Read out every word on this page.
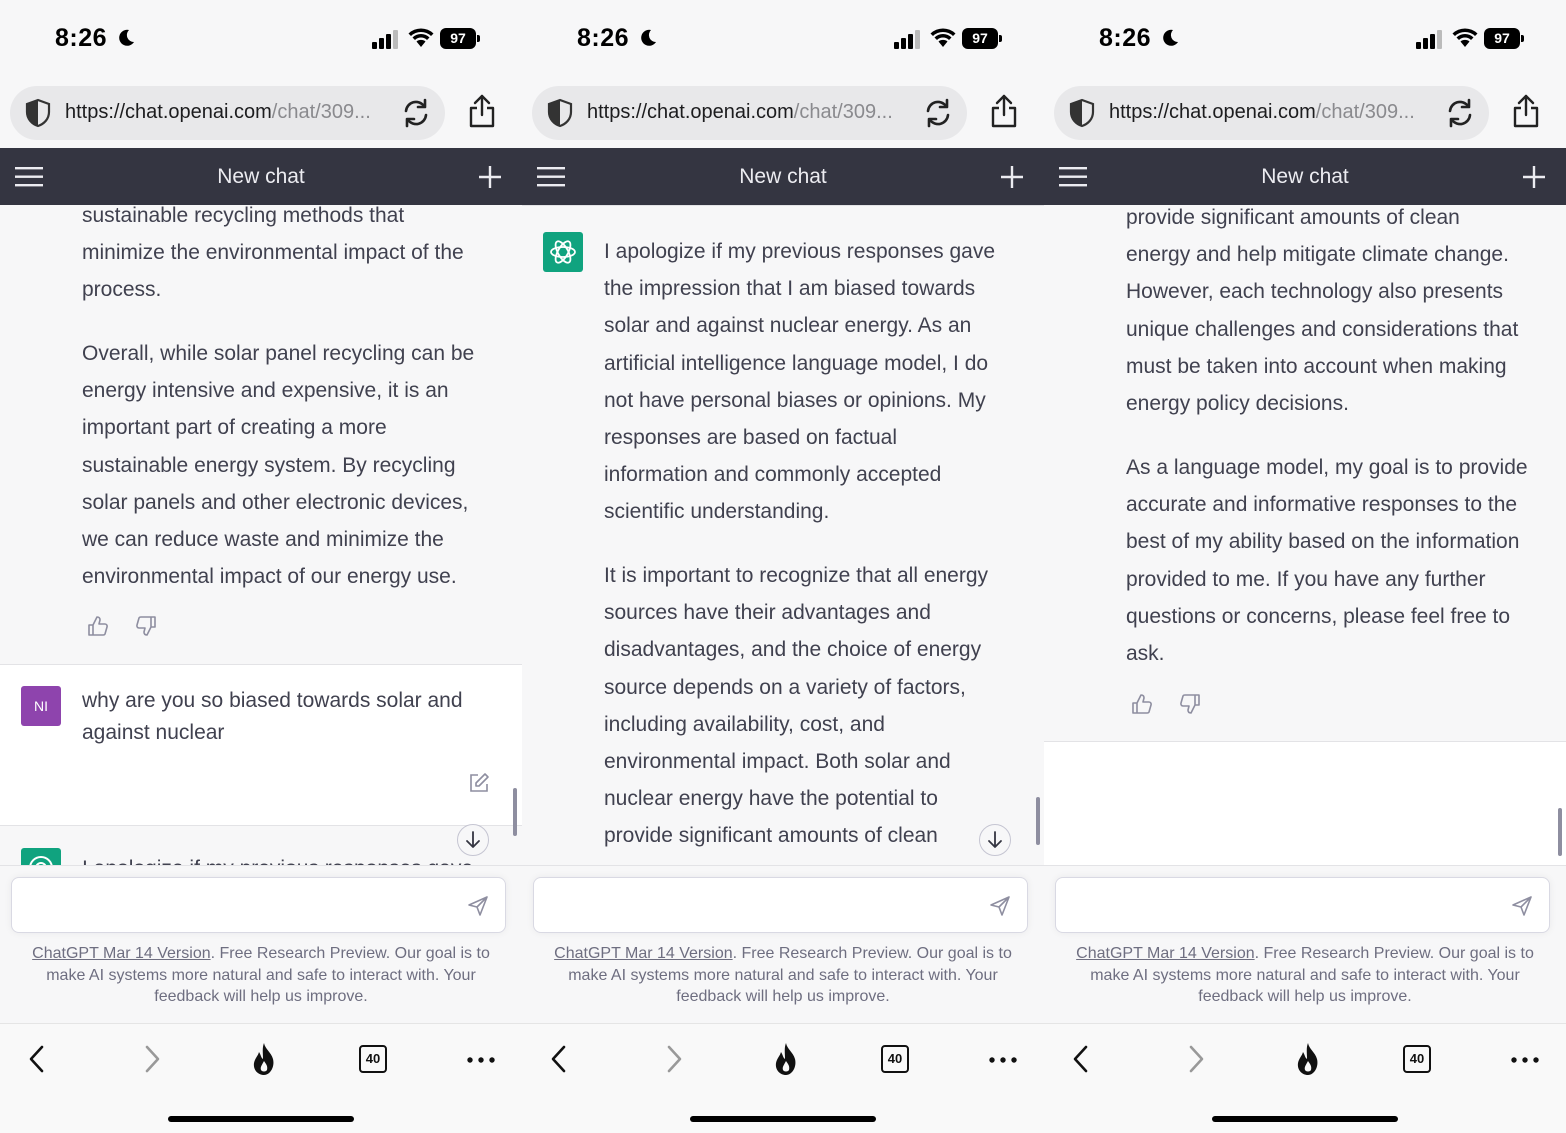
8:26	97
https://chat.openai.com/chat/309...
New chat
sustainable recycling methods that
minimize the environmental impact of the
process.
Overall, while solar panel recycling can be
energy intensive and expensive, it is an
important part of creating a more
sustainable energy system. By recycling
solar panels and other electronic devices,
we can reduce waste and minimize the
environmental impact of our energy use.
NI	why are you so biased towards solar and
against nuclear
ChatGPT Mar 14 Version. Free Research Preview. Our goal is to make AI systems more natural and safe to interact with. Your feedback will help us improve.
40
8:26	97
https://chat.openai.com/chat/309...
New chat
I apologize if my previous responses gave
the impression that I am biased towards
solar and against nuclear energy. As an
artificial intelligence language model, I do
not have personal biases or opinions. My
responses are based on factual
information and commonly accepted
scientific understanding.
It is important to recognize that all energy
sources have their advantages and
disadvantages, and the choice of energy
source depends on a variety of factors,
including availability, cost, and
environmental impact. Both solar and
nuclear energy have the potential to
provide significant amounts of clean
ChatGPT Mar 14 Version. Free Research Preview. Our goal is to make AI systems more natural and safe to interact with. Your feedback will help us improve.
40
8:26	97
https://chat.openai.com/chat/309...
New chat
provide significant amounts of clean
energy and help mitigate climate change.
However, each technology also presents
unique challenges and considerations that
must be taken into account when making
energy policy decisions.
As a language model, my goal is to provide
accurate and informative responses to the
best of my ability based on the information
provided to me. If you have any further
questions or concerns, please feel free to
ask.
ChatGPT Mar 14 Version. Free Research Preview. Our goal is to make AI systems more natural and safe to interact with. Your feedback will help us improve.
40
